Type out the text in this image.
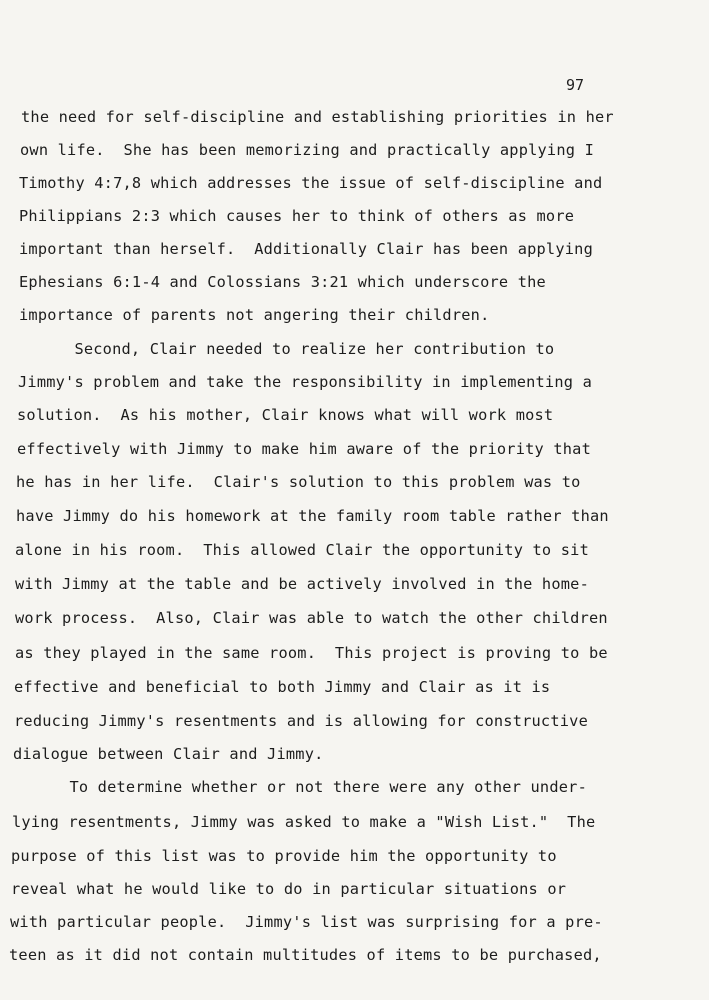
97
the need for self-discipline and establishing priorities in her
own life.  She has been memorizing and practically applying I
Timothy 4:7,8 which addresses the issue of self-discipline and
Philippians 2:3 which causes her to think of others as more
important than herself.  Additionally Clair has been applying
Ephesians 6:1-4 and Colossians 3:21 which underscore the
importance of parents not angering their children.
Second, Clair needed to realize her contribution to
Jimmy's problem and take the responsibility in implementing a
solution.  As his mother, Clair knows what will work most
effectively with Jimmy to make him aware of the priority that
he has in her life.  Clair's solution to this problem was to
have Jimmy do his homework at the family room table rather than
alone in his room.  This allowed Clair the opportunity to sit
with Jimmy at the table and be actively involved in the home-
work process.  Also, Clair was able to watch the other children
as they played in the same room.  This project is proving to be
effective and beneficial to both Jimmy and Clair as it is
reducing Jimmy's resentments and is allowing for constructive
dialogue between Clair and Jimmy.
To determine whether or not there were any other under-
lying resentments, Jimmy was asked to make a "Wish List."  The
purpose of this list was to provide him the opportunity to
reveal what he would like to do in particular situations or
with particular people.  Jimmy's list was surprising for a pre-
teen as it did not contain multitudes of items to be purchased,
